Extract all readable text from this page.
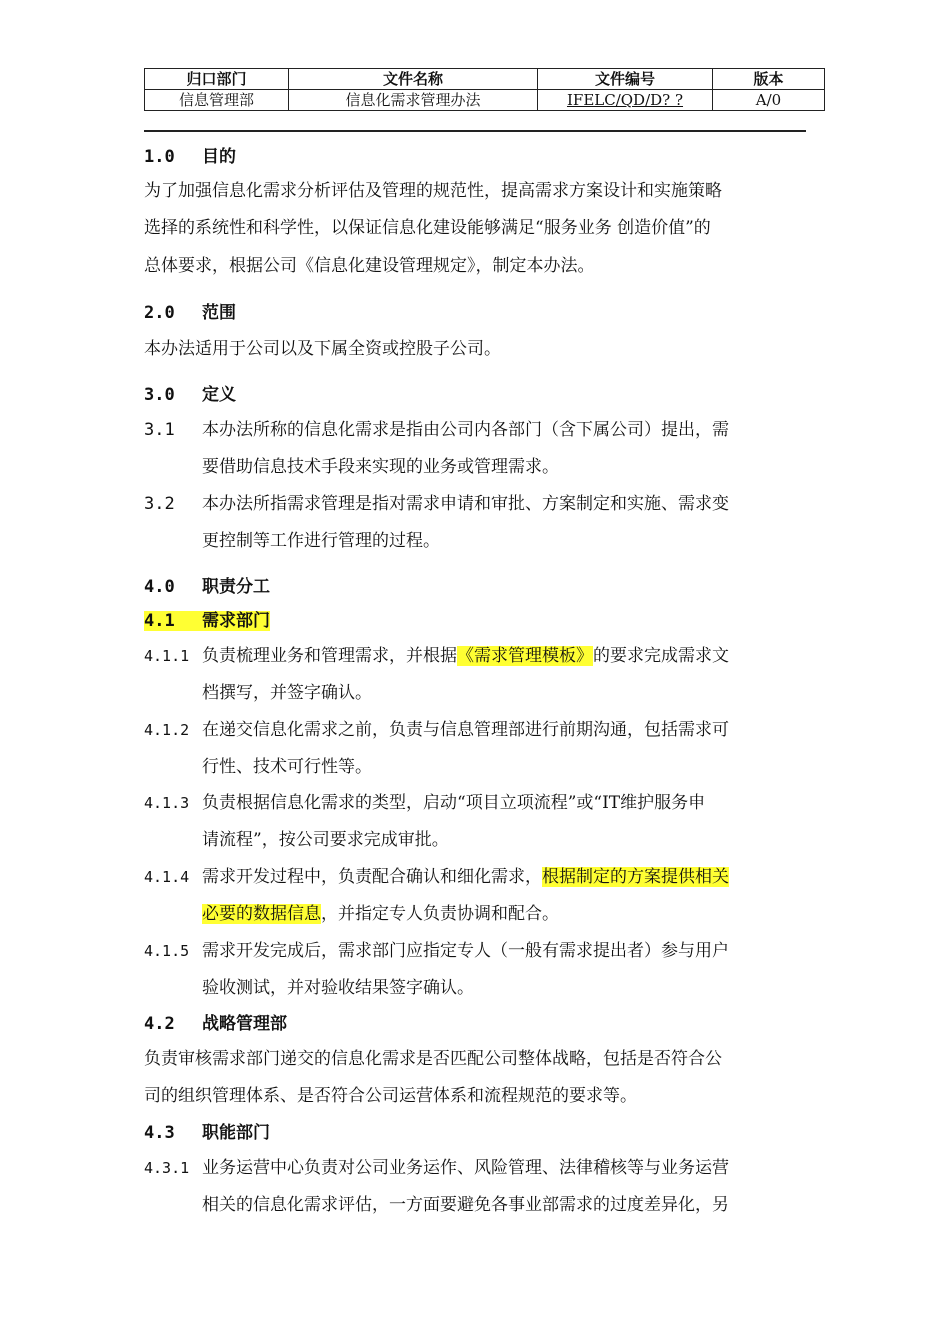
归口部门	文件名称	文件编号	版本
信息管理部	信息化需求管理办法	IFELC/QD/D? ?	A/0
1.0 目的
为了加强信息化需求分析评估及管理的规范性，提高需求方案设计和实施策略
选择的系统性和科学性，以保证信息化建设能够满足“服务业务 创造价值”的
总体要求，根据公司《信息化建设管理规定》，制定本办法。
2.0 范围
本办法适用于公司以及下属全资或控股子公司。
3.0 定义
3.1 本办法所称的信息化需求是指由公司内各部门（含下属公司）提出，需
要借助信息技术手段来实现的业务或管理需求。
3.2 本办法所指需求管理是指对需求申请和审批、方案制定和实施、需求变
更控制等工作进行管理的过程。
4.0 职责分工
4.1 需求部门
4.1.1 负责梳理业务和管理需求，并根据《需求管理模板》的要求完成需求文
档撰写，并签字确认。
4.1.2 在递交信息化需求之前，负责与信息管理部进行前期沟通，包括需求可
行性、技术可行性等。
4.1.3 负责根据信息化需求的类型，启动“项目立项流程”或“IT维护服务申
请流程”，按公司要求完成审批。
4.1.4 需求开发过程中，负责配合确认和细化需求，根据制定的方案提供相关
必要的数据信息，并指定专人负责协调和配合。
4.1.5 需求开发完成后，需求部门应指定专人（一般有需求提出者）参与用户
验收测试，并对验收结果签字确认。
4.2 战略管理部
负责审核需求部门递交的信息化需求是否匹配公司整体战略，包括是否符合公
司的组织管理体系、是否符合公司运营体系和流程规范的要求等。
4.3 职能部门
4.3.1 业务运营中心负责对公司业务运作、风险管理、法律稽核等与业务运营
相关的信息化需求评估，一方面要避免各事业部需求的过度差异化，另
